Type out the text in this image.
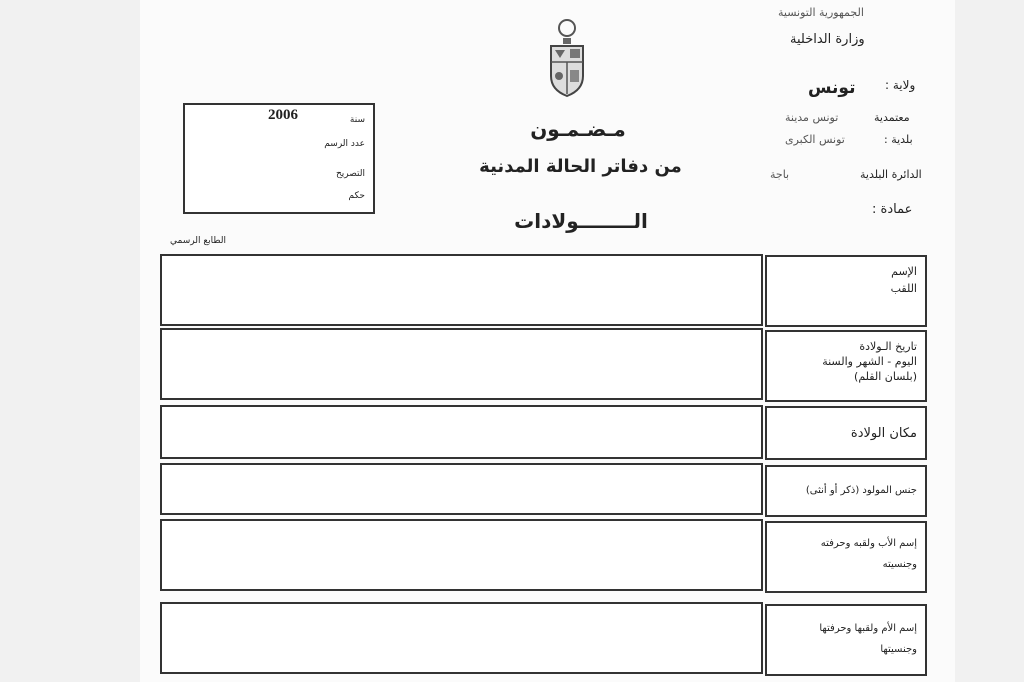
الجمهورية التونسية
وزارة الداخلية
ولاية :
تونس
معتمدية
تونس مدينة
بلدية :
تونس الكبرى
الدائرة البلدية
باجة
عمادة :
مـضـمـون
من دفاتر الحالة المدنية
الــــــــولادات
2006	سنة
عدد الرسم
التصريح
حكم
الطابع الرسمي
الإسم
اللقب
تاريخ الـولادة
اليوم - الشهر والسنة
(بلسان القلم)
مكان الولادة
جنس المولود (ذكر أو أنثى)
إسم الأب ولقبه وحرفته
وجنسيته
إسم الأم ولقبها وحرفتها
وجنسيتها
